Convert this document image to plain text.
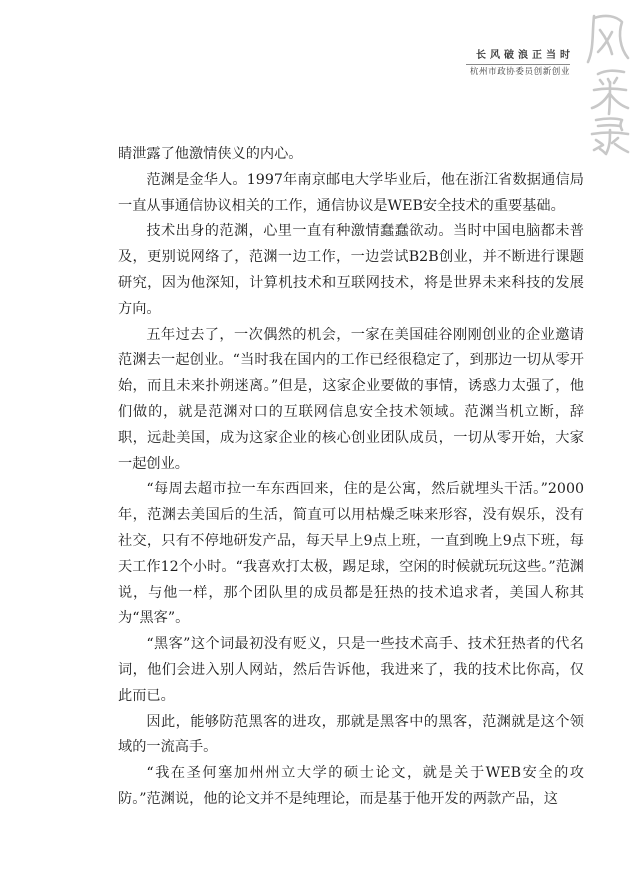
长风破浪正当时
杭州市政协委员创新创业

睛泄露了他激情侠义的内心。

范渊是金华人。1997年南京邮电大学毕业后，他在浙江省数据通信局一直从事通信协议相关的工作，通信协议是WEB安全技术的重要基础。

技术出身的范渊，心里一直有种激情蠢蠢欲动。当时中国电脑都未普及，更别说网络了，范渊一边工作，一边尝试B2B创业，并不断进行课题研究，因为他深知，计算机技术和互联网技术，将是世界未来科技的发展方向。

五年过去了，一次偶然的机会，一家在美国硅谷刚刚创业的企业邀请范渊去一起创业。“当时我在国内的工作已经很稳定了，到那边一切从零开始，而且未来扑朔迷离。”但是，这家企业要做的事情，诱惑力太强了，他们做的，就是范渊对口的互联网信息安全技术领域。范渊当机立断，辞职，远赴美国，成为这家企业的核心创业团队成员，一切从零开始，大家一起创业。

“每周去超市拉一车东西回来，住的是公寓，然后就埋头干活。”2000年，范渊去美国后的生活，简直可以用枯燥乏味来形容，没有娱乐，没有社交，只有不停地研发产品，每天早上9点上班，一直到晚上9点下班，每天工作12个小时。“我喜欢打太极，踢足球，空闲的时候就玩玩这些。”范渊说，与他一样，那个团队里的成员都是狂热的技术追求者，美国人称其为“黑客”。

“黑客”这个词最初没有贬义，只是一些技术高手、技术狂热者的代名词，他们会进入别人网站，然后告诉他，我进来了，我的技术比你高，仅此而已。

因此，能够防范黑客的进攻，那就是黑客中的黑客，范渊就是这个领域的一流高手。

“我在圣何塞加州州立大学的硕士论文，就是关于WEB安全的攻防。”范渊说，他的论文并不是纯理论，而是基于他开发的两款产品，这
